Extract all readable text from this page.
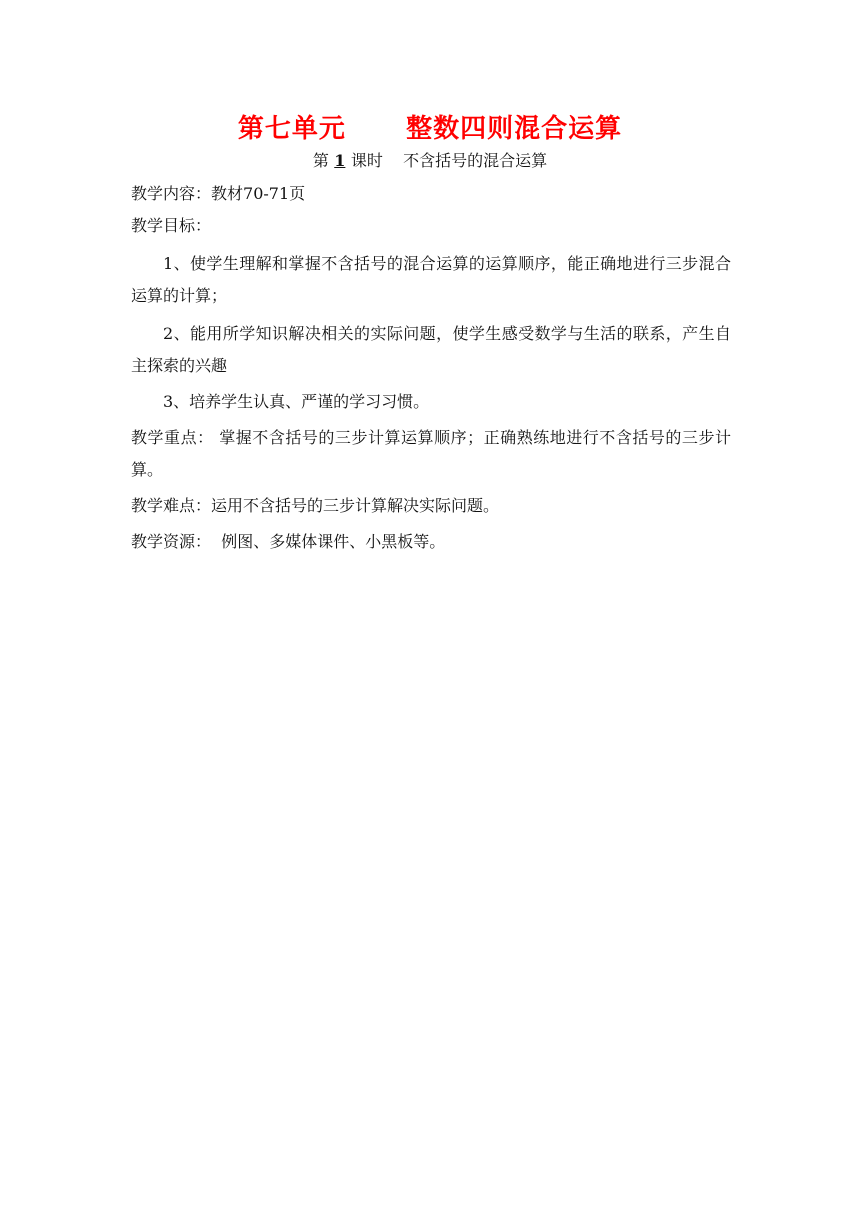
第七单元      整数四则混合运算
第 1 课时    不含括号的混合运算
教学内容：教材70-71页
教学目标：
1、使学生理解和掌握不含括号的混合运算的运算顺序，能正确地进行三步混合运算的计算；
2、能用所学知识解决相关的实际问题，使学生感受数学与生活的联系，产生自主探索的兴趣
3、培养学生认真、严谨的学习习惯。
教学重点： 掌握不含括号的三步计算运算顺序；正确熟练地进行不含括号的三步计算。
教学难点：运用不含括号的三步计算解决实际问题。
教学资源： 例图、多媒体课件、小黑板等。
